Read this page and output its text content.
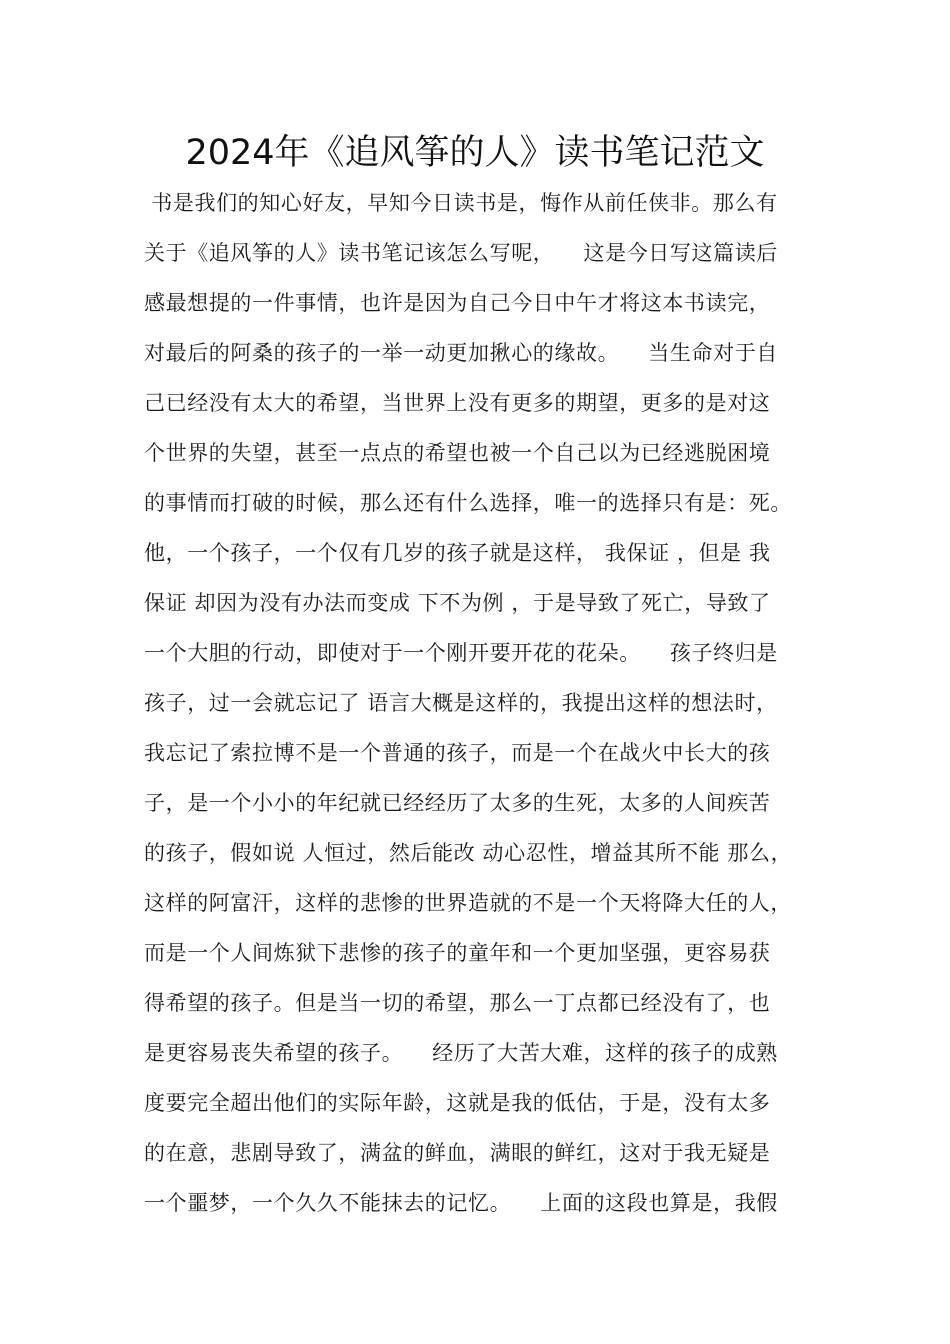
2024年《追风筝的人》读书笔记范文
书是我们的知心好友，早知今日读书是，悔作从前任侠非。那么有
关于《追风筝的人》读书笔记该怎么写呢，    这是今日写这篇读后
感最想提的一件事情，也许是因为自己今日中午才将这本书读完，
对最后的阿桑的孩子的一举一动更加揪心的缘故。    当生命对于自
己已经没有太大的希望，当世界上没有更多的期望，更多的是对这
个世界的失望，甚至一点点的希望也被一个自己以为已经逃脱困境
的事情而打破的时候，那么还有什么选择，唯一的选择只有是：死。
他，一个孩子，一个仅有几岁的孩子就是这样， 我保证 ，但是 我
保证 却因为没有办法而变成 下不为例 ，于是导致了死亡，导致了
一个大胆的行动，即使对于一个刚开要开花的花朵。    孩子终归是
孩子，过一会就忘记了 语言大概是这样的，我提出这样的想法时，
我忘记了索拉博不是一个普通的孩子，而是一个在战火中长大的孩
子，是一个小小的年纪就已经经历了太多的生死，太多的人间疾苦
的孩子，假如说 人恒过，然后能改 动心忍性，增益其所不能 那么，
这样的阿富汗，这样的悲惨的世界造就的不是一个天将降大任的人，
而是一个人间炼狱下悲惨的孩子的童年和一个更加坚强，更容易获
得希望的孩子。但是当一切的希望，那么一丁点都已经没有了，也
是更容易丧失希望的孩子。    经历了大苦大难，这样的孩子的成熟
度要完全超出他们的实际年龄，这就是我的低估，于是，没有太多
的在意，悲剧导致了，满盆的鲜血，满眼的鲜红，这对于我无疑是
一个噩梦，一个久久不能抹去的记忆。    上面的这段也算是，我假
